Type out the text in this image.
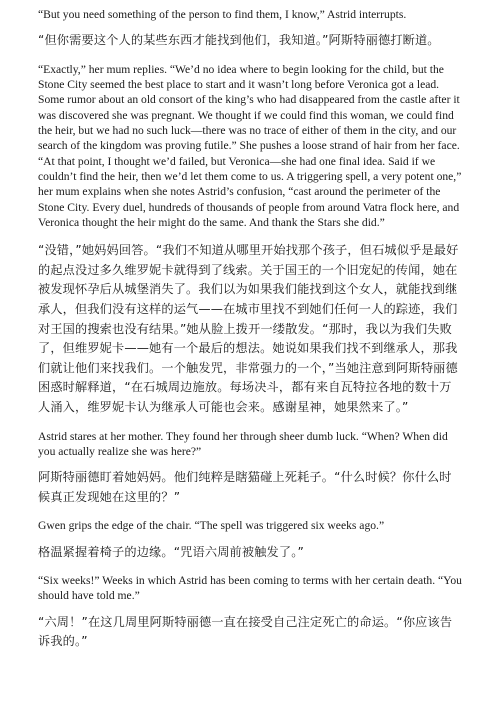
“But you need something of the person to find them, I know,” Astrid interrupts.

“但你需要这个人的某些东西才能找到他们，我知道。”阿斯特丽德打断道。

“Exactly,” her mum replies. “We’d no idea where to begin looking for the child, but the Stone City seemed the best place to start and it wasn’t long before Veronica got a lead. Some rumor about an old consort of the king’s who had disappeared from the castle after it was discovered she was pregnant. We thought if we could find this woman, we could find the heir, but we had no such luck—there was no trace of either of them in the city, and our search of the kingdom was proving futile.” She pushes a loose strand of hair from her face. “At that point, I thought we’d failed, but Veronica—she had one final idea. Said if we couldn’t find the heir, then we’d let them come to us. A triggering spell, a very potent one,” her mum explains when she notes Astrid’s confusion, “cast around the perimeter of the Stone City. Every duel, hundreds of thousands of people from around Vatra flock here, and Veronica thought the heir might do the same. And thank the Stars she did.”

“没错，”她妈妈回答。“我们不知道从哪里开始找那个孩子，但石城似乎是最好的起点没过多久维罗妮卡就得到了线索。关于国王的一个旧宠妃的传闻，她在被发现怀孕后从城堡消失了。我们以为如果我们能找到这个女人，就能找到继承人，但我们没有这样的运气——在城市里找不到她们任何一人的踪迹，我们对王国的搜索也没有结果。”她从脸上拨开一缕散发。“那时，我以为我们失败了，但维罗妮卡——她有一个最后的想法。她说如果我们找不到继承人，那我们就让他们来找我们。一个触发咒，非常强力的一个，”当她注意到阿斯特丽德困惑时解释道，“在石城周边施放。每场决斗，都有来自瓦特拉各地的数十万人涌入，维罗妮卡认为继承人可能也会来。感谢星神，她果然来了。”

Astrid stares at her mother. They found her through sheer dumb luck. “When? When did you actually realize she was here?”

阿斯特丽德盯着她妈妈。他们纯粹是瞎猫碰上死耗子。“什么时候？你什么时候真正发现她在这里的？”

Gwen grips the edge of the chair. “The spell was triggered six weeks ago.”

格温紧握着椅子的边缘。“咒语六周前被触发了。”

“Six weeks!” Weeks in which Astrid has been coming to terms with her certain death. “You should have told me.”

“六周！”在这几周里阿斯特丽德一直在接受自己注定死亡的命运。“你应该告诉我的。”
